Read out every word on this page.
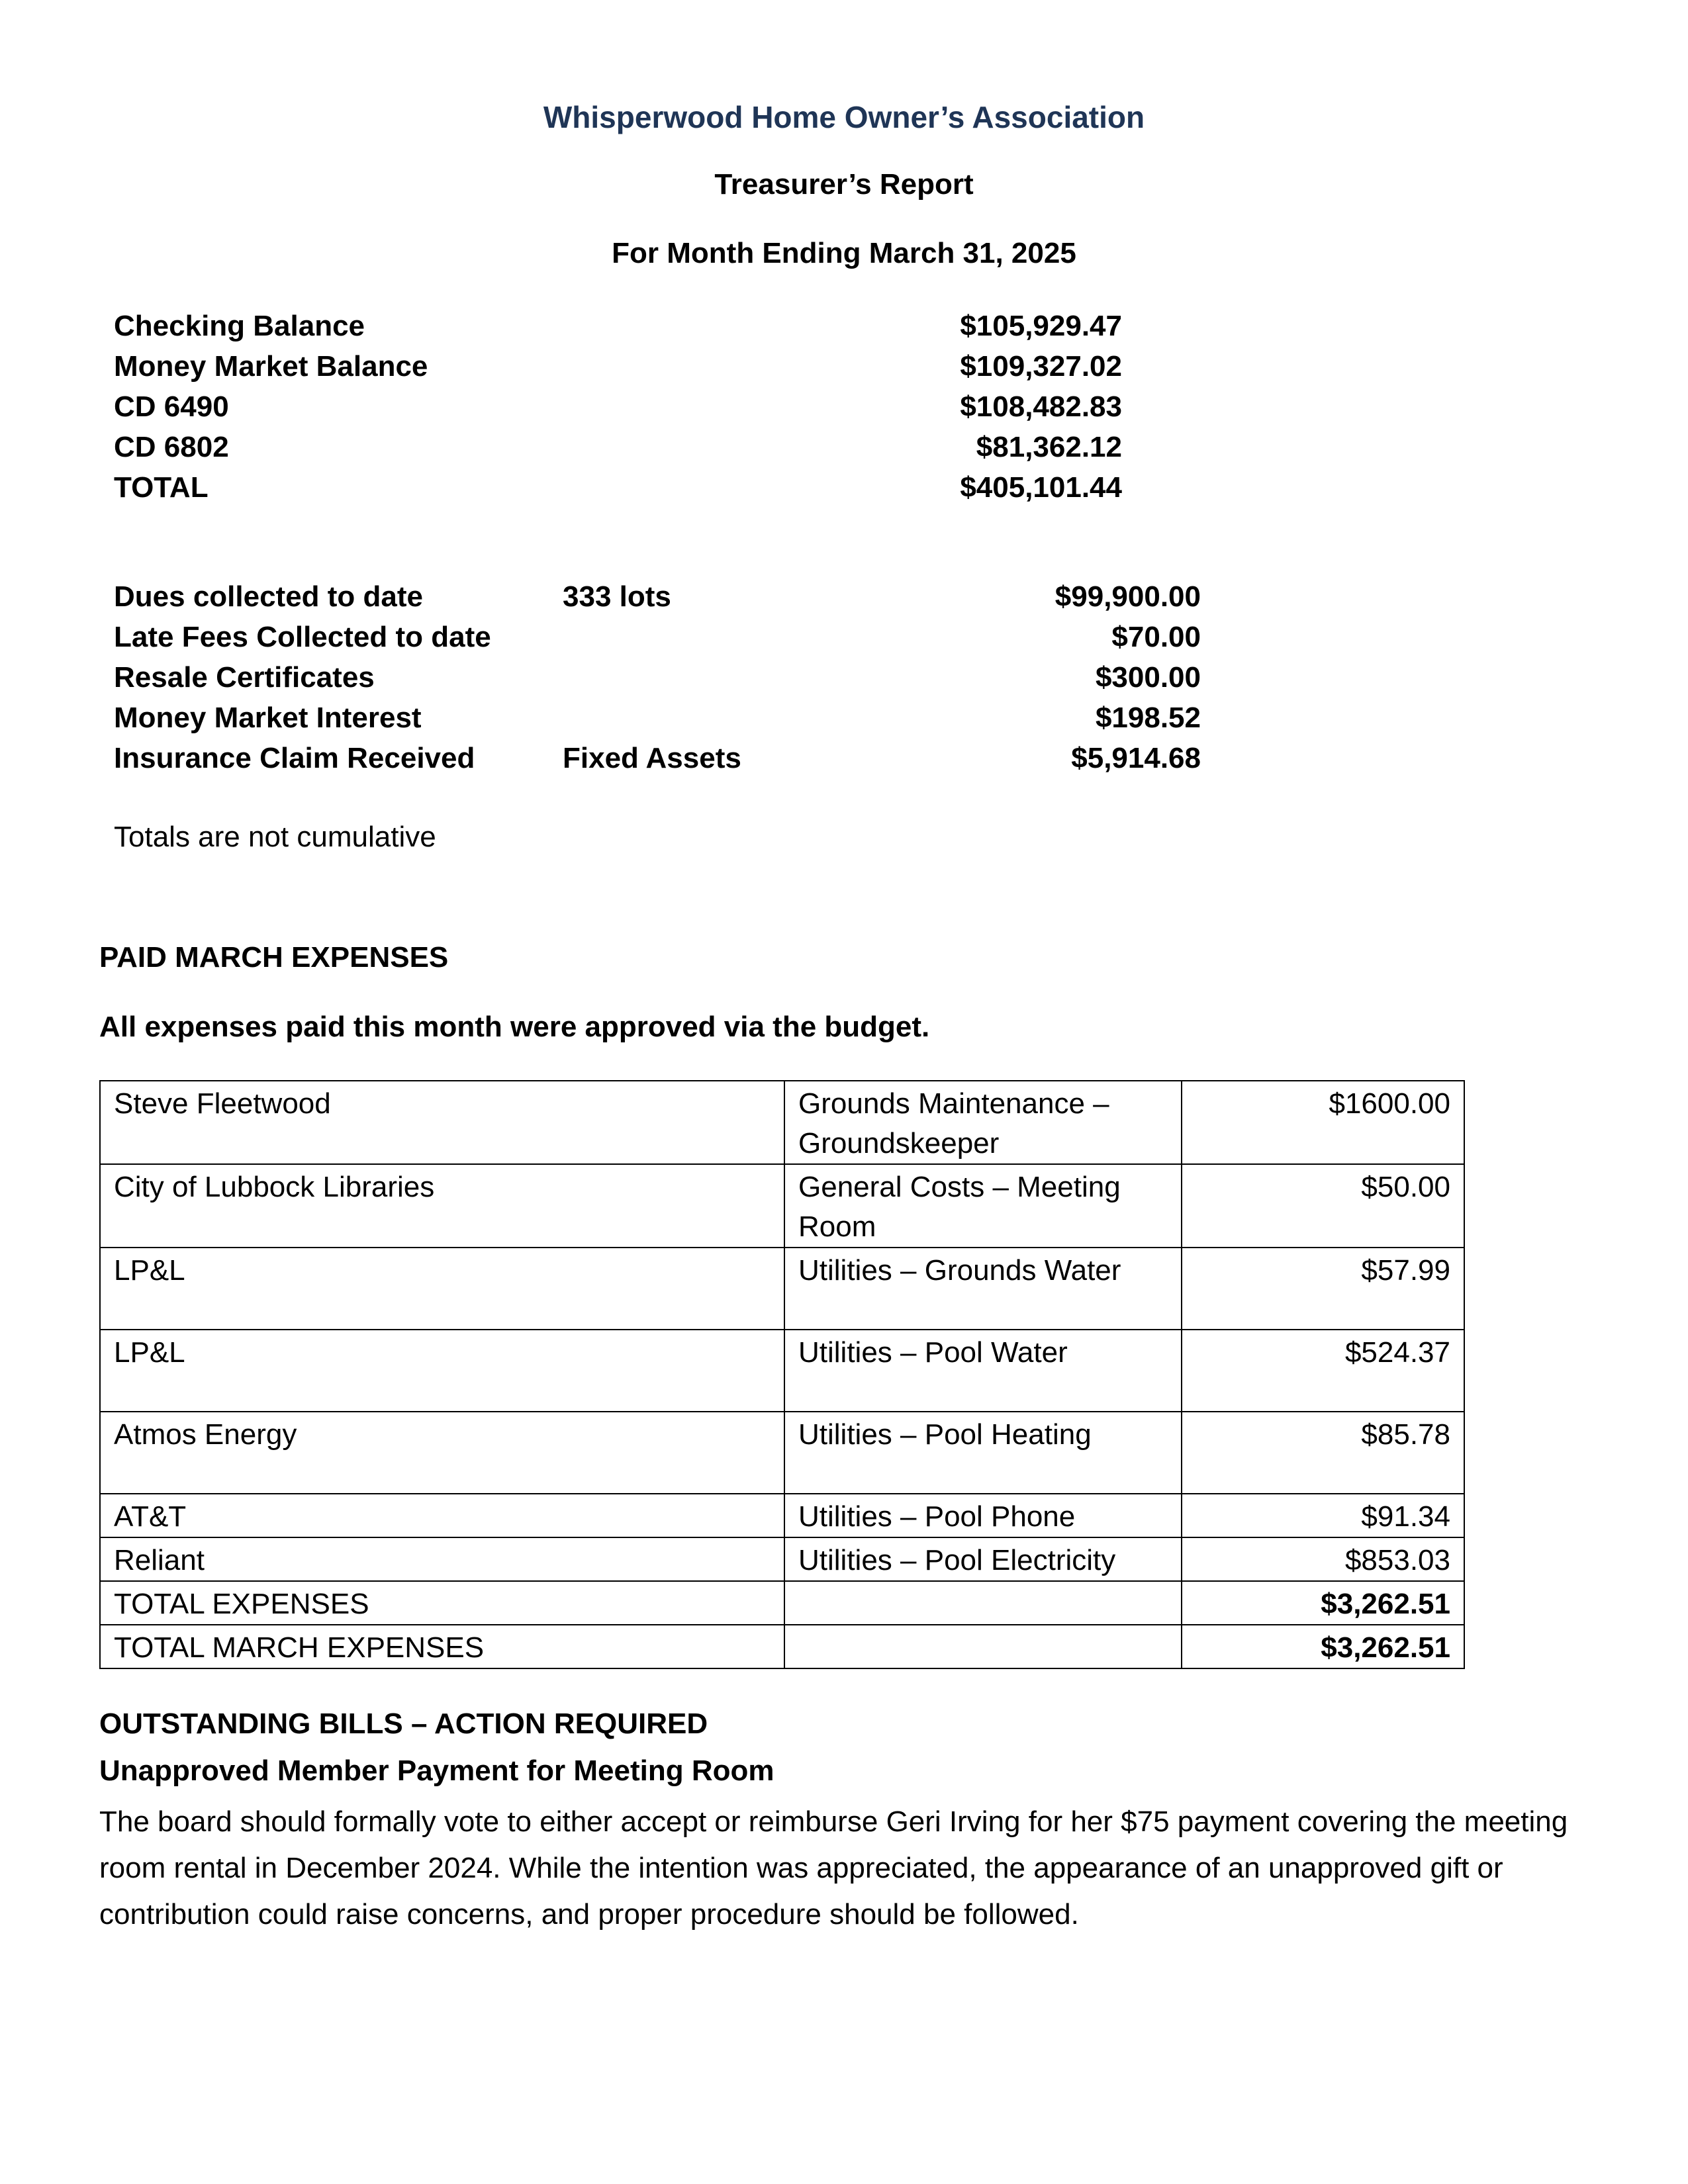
Whisperwood Home Owner’s Association
Treasurer’s Report
For Month Ending March 31, 2025
Checking Balance	$105,929.47
Money Market Balance	$109,327.02
CD 6490	$108,482.83
CD 6802	$81,362.12
TOTAL	$405,101.44
Dues collected to date	333 lots	$99,900.00
Late Fees Collected to date	$70.00
Resale Certificates	$300.00
Money Market Interest	$198.52
Insurance Claim Received	Fixed Assets	$5,914.68
Totals are not cumulative
PAID MARCH EXPENSES
All expenses paid this month were approved via the budget.
Steve Fleetwood	Grounds Maintenance – Groundskeeper	$1600.00
City of Lubbock Libraries	General Costs – Meeting Room	$50.00
LP&L	Utilities – Grounds Water	$57.99
LP&L	Utilities – Pool Water	$524.37
Atmos Energy	Utilities – Pool Heating	$85.78
AT&T	Utilities – Pool Phone	$91.34
Reliant	Utilities – Pool Electricity	$853.03
TOTAL EXPENSES		$3,262.51
TOTAL MARCH EXPENSES		$3,262.51
OUTSTANDING BILLS – ACTION REQUIRED
Unapproved Member Payment for Meeting Room
The board should formally vote to either accept or reimburse Geri Irving for her $75 payment covering the meeting room rental in December 2024. While the intention was appreciated, the appearance of an unapproved gift or contribution could raise concerns, and proper procedure should be followed.
